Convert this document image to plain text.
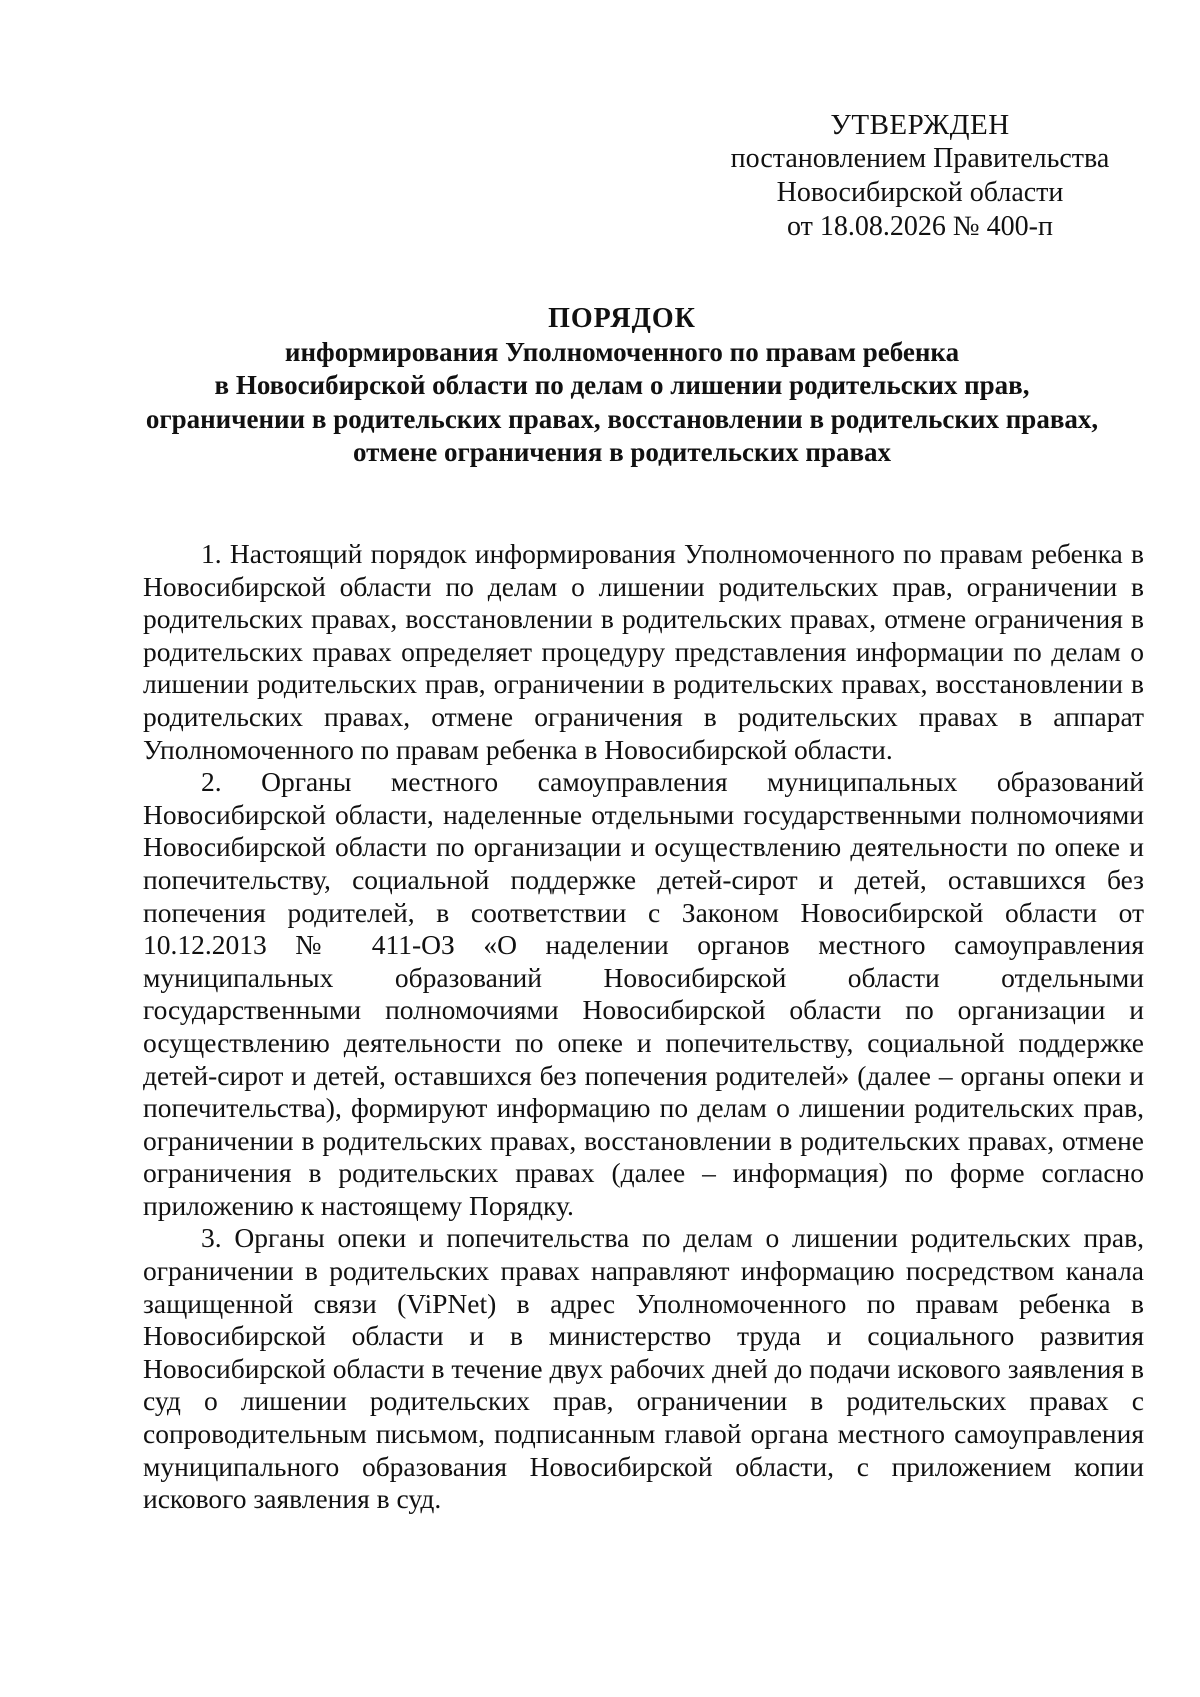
УТВЕРЖДЕН
постановлением Правительства
Новосибирской области
от 18.08.2026 № 400-п
ПОРЯДОК
информирования Уполномоченного по правам ребенка
в Новосибирской области по делам о лишении родительских прав,
ограничении в родительских правах, восстановлении в родительских правах,
отмене ограничения в родительских правах

1. Настоящий порядок информирования Уполномоченного по правам ребенка в Новосибирской области по делам о лишении родительских прав, ограничении в родительских правах, восстановлении в родительских правах, отмене ограничения в родительских правах определяет процедуру представления информации по делам о лишении родительских прав, ограничении в родительских правах, восстановлении в родительских правах, отмене ограничения в родительских правах в аппарат Уполномоченного по правам ребенка в Новосибирской области.

2. Органы местного самоуправления муниципальных образований Новосибирской области, наделенные отдельными государственными полномочиями Новосибирской области по организации и осуществлению деятельности по опеке и попечительству, социальной поддержке детей-сирот и детей, оставшихся без попечения родителей, в соответствии с Законом Новосибирской области от 10.12.2013 № 411-ОЗ «О наделении органов местного самоуправления муниципальных образований Новосибирской области отдельными государственными полномочиями Новосибирской области по организации и осуществлению деятельности по опеке и попечительству, социальной поддержке детей-сирот и детей, оставшихся без попечения родителей» (далее – органы опеки и попечительства), формируют информацию по делам о лишении родительских прав, ограничении в родительских правах, восстановлении в родительских правах, отмене ограничения в родительских правах (далее – информация) по форме согласно приложению к настоящему Порядку.

3. Органы опеки и попечительства по делам о лишении родительских прав, ограничении в родительских правах направляют информацию посредством канала защищенной связи (ViPNet) в адрес Уполномоченного по правам ребенка в Новосибирской области и в министерство труда и социального развития Новосибирской области в течение двух рабочих дней до подачи искового заявления в суд о лишении родительских прав, ограничении в родительских правах с сопроводительным письмом, подписанным главой органа местного самоуправления муниципального образования Новосибирской области, с приложением копии искового заявления в суд.
